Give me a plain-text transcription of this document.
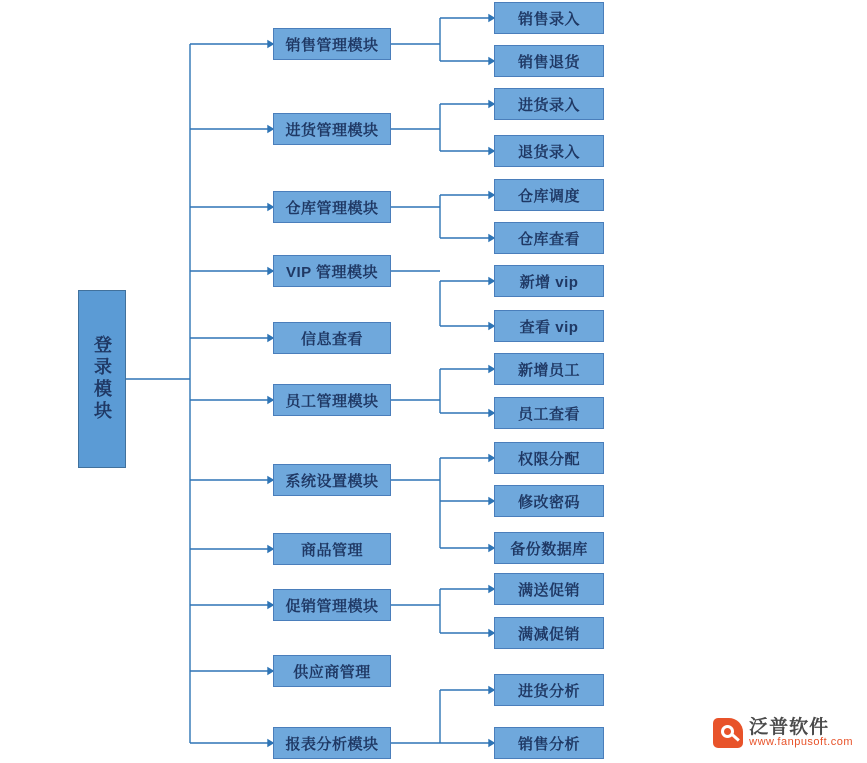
登录模块
销售管理模块
进货管理模块
仓库管理模块
VIP 管理模块
信息查看
员工管理模块
系统设置模块
商品管理
促销管理模块
供应商管理
报表分析模块
销售录入
销售退货
进货录入
退货录入
仓库调度
仓库查看
新增 vip
查看 vip
新增员工
员工查看
权限分配
修改密码
备份数据库
满送促销
满减促销
进货分析
销售分析
泛普软件
www.fanpusoft.com
